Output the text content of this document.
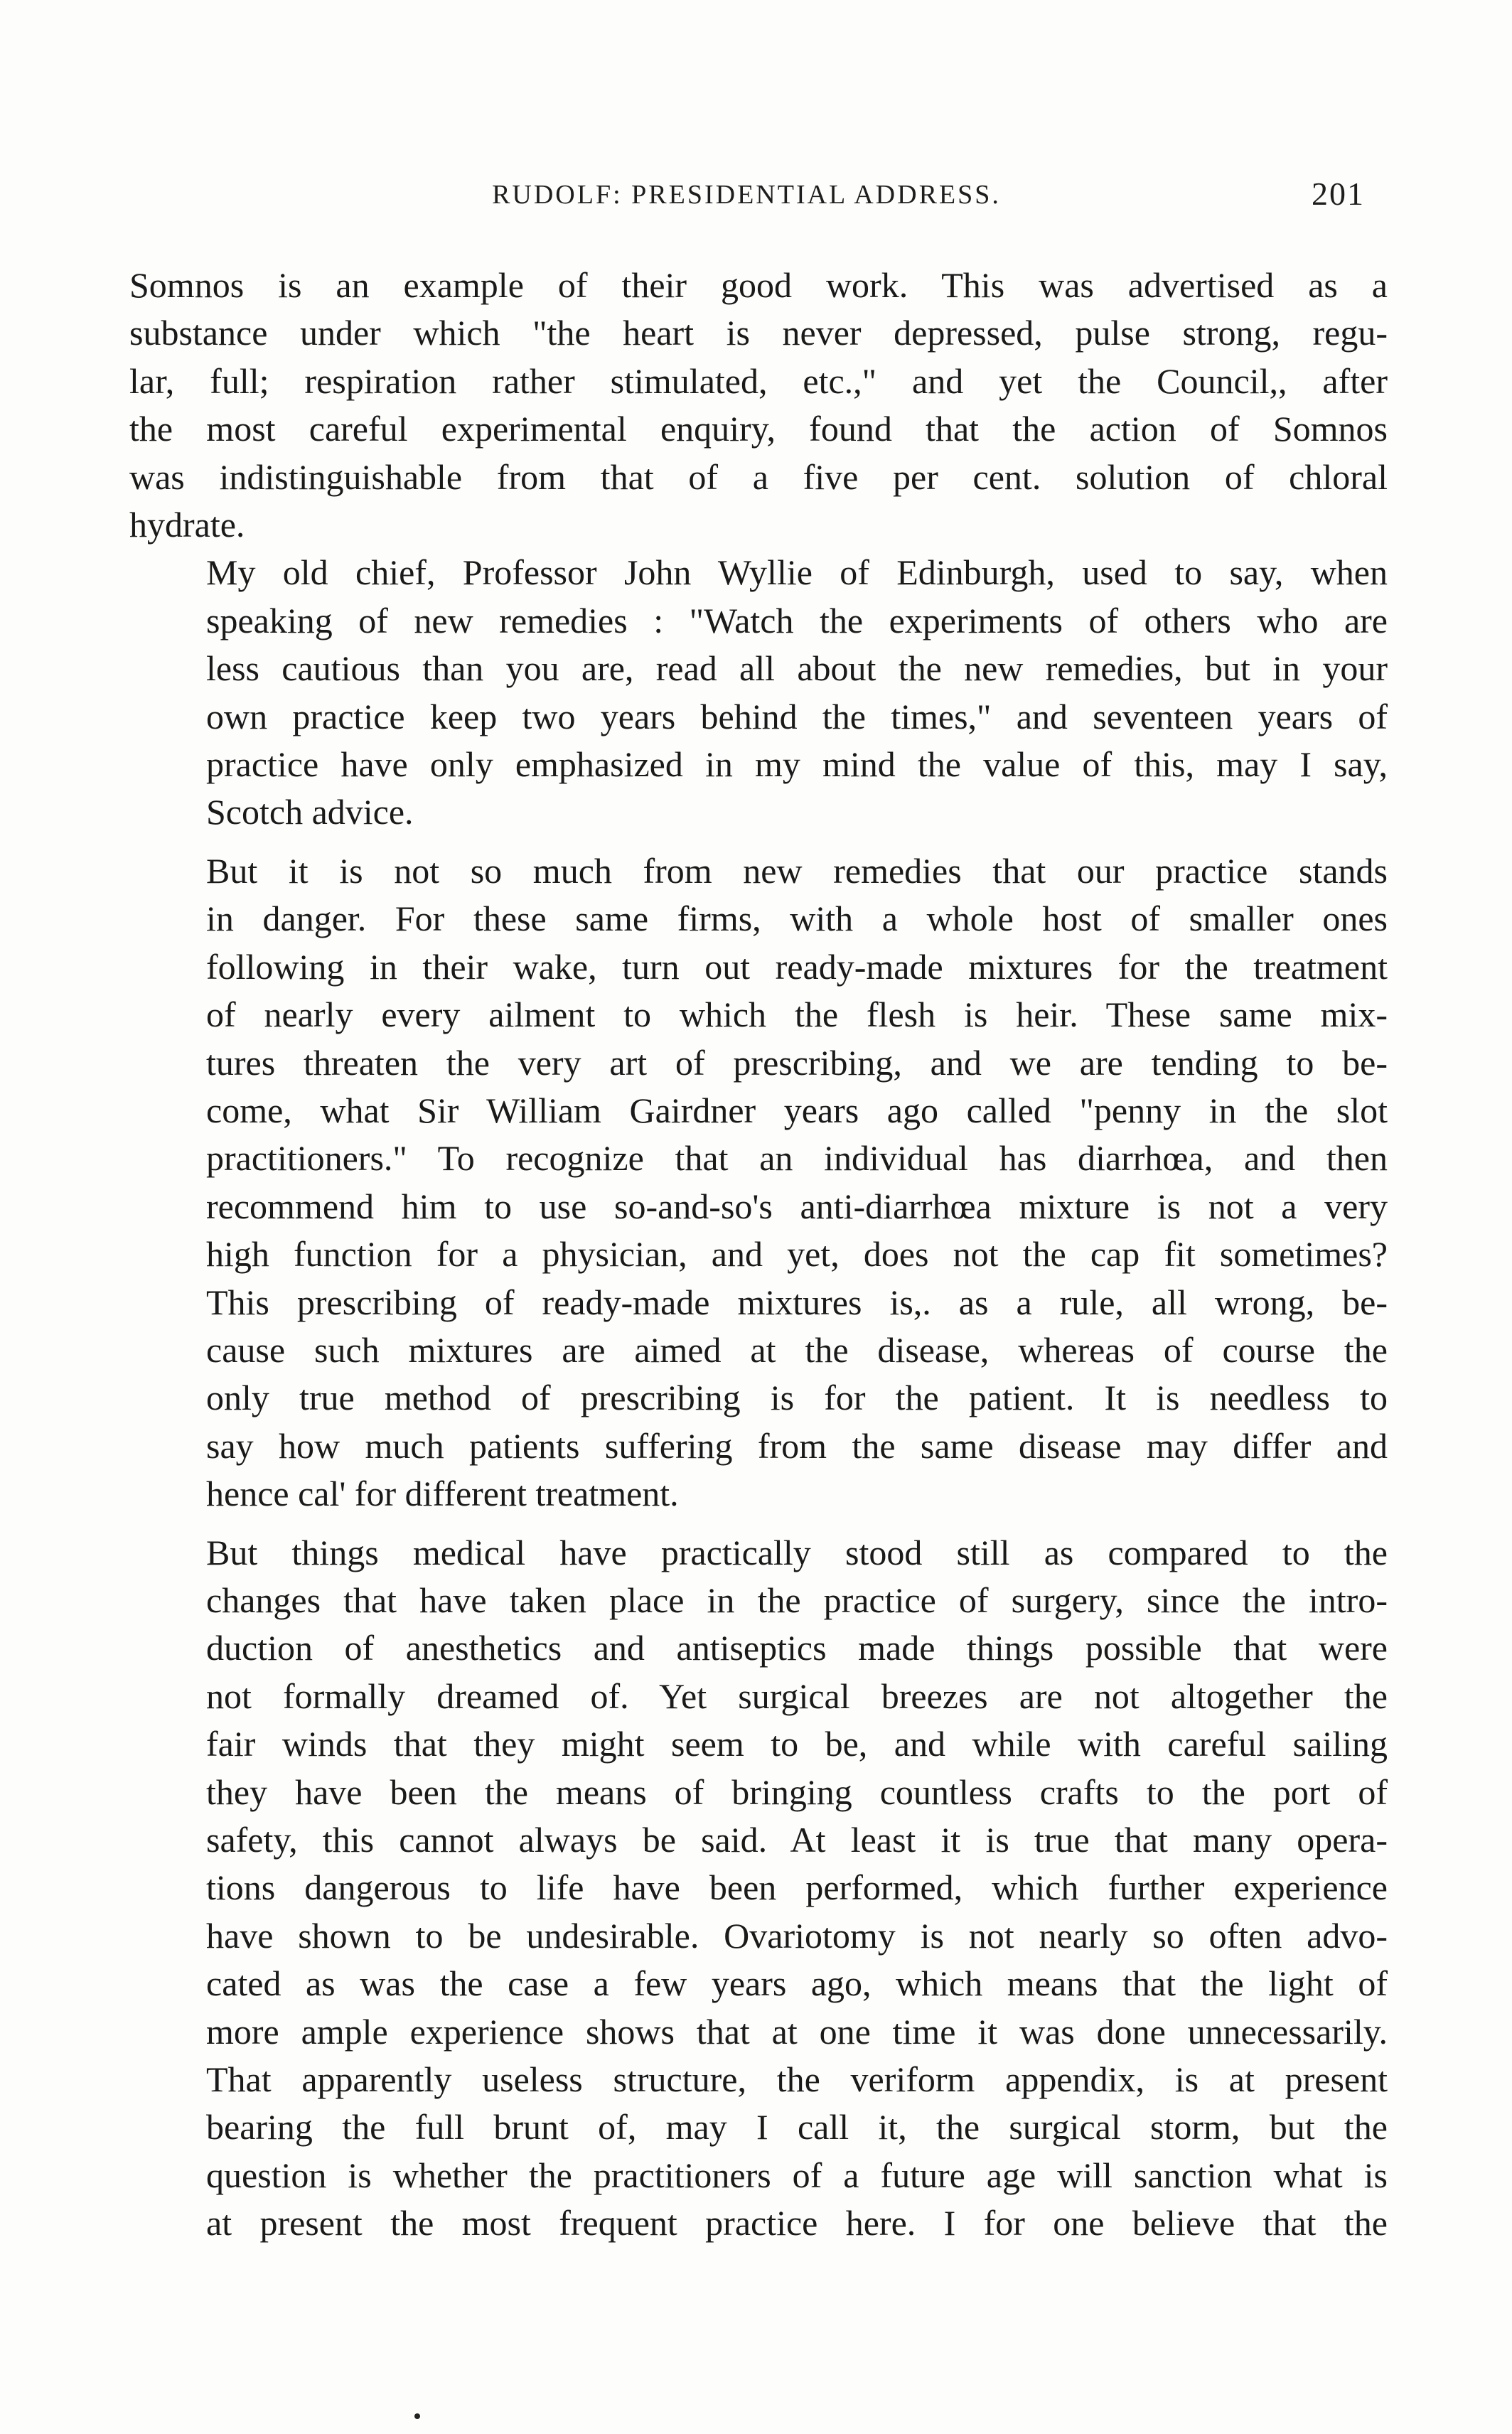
RUDOLF: PRESIDENTIAL ADDRESS.	201

Somnos is an example of their good work. This was advertised as a
substance under which "the heart is never depressed, pulse strong, regu-
lar, full; respiration rather stimulated, etc.," and yet the Council,, after
the most careful experimental enquiry, found that the action of Somnos
was indistinguishable from that of a five per cent. solution of chloral
hydrate.

My old chief, Professor John Wyllie of Edinburgh, used to say, when
speaking of new remedies : "Watch the experiments of others who are
less cautious than you are, read all about the new remedies, but in your
own practice keep two years behind the times," and seventeen years of
practice have only emphasized in my mind the value of this, may I say,
Scotch advice.

But it is not so much from new remedies that our practice stands
in danger. For these same firms, with a whole host of smaller ones
following in their wake, turn out ready-made mixtures for the treatment
of nearly every ailment to which the flesh is heir. These same mix-
tures threaten the very art of prescribing, and we are tending to be-
come, what Sir William Gairdner years ago called "penny in the slot
practitioners." To recognize that an individual has diarrhœa, and then
recommend him to use so-and-so's anti-diarrhœa mixture is not a very
high function for a physician, and yet, does not the cap fit sometimes?
This prescribing of ready-made mixtures is,. as a rule, all wrong, be-
cause such mixtures are aimed at the disease, whereas of course the
only true method of prescribing is for the patient. It is needless to
say how much patients suffering from the same disease may differ and
hence cal' for different treatment.

But things medical have practically stood still as compared to the
changes that have taken place in the practice of surgery, since the intro-
duction of anesthetics and antiseptics made things possible that were
not formally dreamed of. Yet surgical breezes are not altogether the
fair winds that they might seem to be, and while with careful sailing
they have been the means of bringing countless crafts to the port of
safety, this cannot always be said. At least it is true that many opera-
tions dangerous to life have been performed, which further experience
have shown to be undesirable. Ovariotomy is not nearly so often advo-
cated as was the case a few years ago, which means that the light of
more ample experience shows that at one time it was done unnecessarily.
That apparently useless structure, the veriform appendix, is at present
bearing the full brunt of, may I call it, the surgical storm, but the
question is whether the practitioners of a future age will sanction what is
at present the most frequent practice here. I for one believe that the
